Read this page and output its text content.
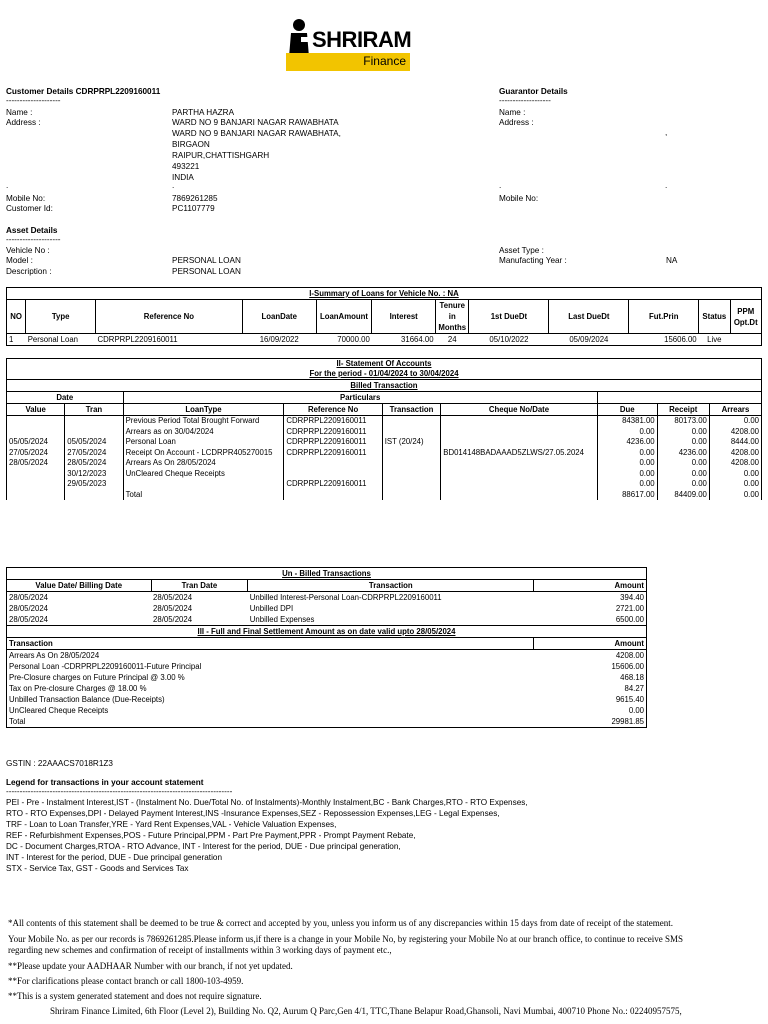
SHRIRAM
Finance
Customer Details CDRPRPL2209160011
--------------------
Name :
Address :
PARTHA HAZRA
WARD NO 9 BANJARI NAGAR RAWABHATA
WARD NO 9 BANJARI NAGAR RAWABHATA,
BIRGAON
RAIPUR,CHATTISHGARH
493221
INDIA
.	.
Mobile No:	7869261285
Customer Id:	PC1107779
Guarantor Details
-------------------
Name :
Address :
,
.	.
Mobile No:
Asset Details
--------------------
Vehicle No :
Model :	PERSONAL LOAN
Description :	PERSONAL LOAN
Asset Type :
Manufacting Year :	NA
I-Summary of Loans for Vehicle No. : NA											
NO	Type	Reference No	LoanDate	LoanAmount	Interest	Tenure in Months	1st DueDt	Last DueDt	Fut.Prin	Status	PPM Opt.Dt
1	Personal Loan	CDRPRPL2209160011	16/09/2022	70000.00	31664.00	24	05/10/2022	05/09/2024	15606.00	Live	
II- Statement Of Accounts								
For the period - 01/04/2024 to 30/04/2024								
Billed Transaction								
Date		Particulars						
Value	Tran	LoanType	Reference No	Transaction	Cheque No/Date	Due	Receipt	Arrears
		Previous Period Total Brought Forward	CDRPRPL2209160011			84381.00	80173.00	0.00
		Arrears as on 30/04/2024	CDRPRPL2209160011			0.00	0.00	4208.00
05/05/2024	05/05/2024	Personal Loan	CDRPRPL2209160011	IST (20/24)		4236.00	0.00	8444.00
27/05/2024	27/05/2024	Receipt On Account - LCDRPR405270015	CDRPRPL2209160011		BD014148BADAAAD5ZLWS/27.05.2024	0.00	4236.00	4208.00
28/05/2024	28/05/2024	Arrears As On 28/05/2024				0.00	0.00	4208.00
	30/12/2023	UnCleared Cheque Receipts				0.00	0.00	0.00
	29/05/2023		CDRPRPL2209160011			0.00	0.00	0.00
		Total				88617.00	84409.00	0.00
Un - Billed Transactions			
Value Date/ Billing Date	Tran Date	Transaction	Amount
28/05/2024	28/05/2024	Unbilled Interest-Personal Loan-CDRPRPL2209160011	394.40
28/05/2024	28/05/2024	Unbilled DPI	2721.00
28/05/2024	28/05/2024	Unbilled Expenses	6500.00
III - Full and Final Settlement Amount as on date valid upto 28/05/2024			
Transaction			Amount
Arrears As On 28/05/2024			4208.00
Personal Loan -CDRPRPL2209160011-Future Principal			15606.00
Pre-Closure charges on Future Principal @ 3.00 %			468.18
Tax on Pre-closure Charges @ 18.00 %			84.27
Unbilled Transaction Balance (Due-Receipts)			9615.40
UnCleared Cheque Receipts			0.00
Total			29981.85
GSTIN : 22AAACS7018R1Z3
Legend for transactions in your account statement
-----------------------------------------------------------------------------------
PEI - Pre - Instalment Interest,IST - (Instalment No. Due/Total No. of Instalments)-Monthly Instalment,BC - Bank Charges,RTO - RTO Expenses,
RTO - RTO Expenses,DPI - Delayed Payment Interest,INS -Insurance Expenses,SEZ - Repossession Expenses,LEG - Legal Expenses,
TRF - Loan to Loan Transfer,YRE - Yard Rent Expenses,VAL - Vehicle Valuation Expenses,
REF - Refurbishment Expenses,POS - Future Principal,PPM - Part Pre Payment,PPR - Prompt Payment Rebate,
DC - Document Charges,RTOA - RTO Advance, INT - Interest for the period, DUE - Due principal generation,
INT - Interest for the period, DUE - Due principal generation
STX - Service Tax, GST - Goods and Services Tax
*All contents of this statement shall be deemed to be true & correct and accepted by you, unless you inform us of any discrepancies within 15 days from date of receipt of the statement.
Your Mobile No. as per our records is 7869261285.Please inform us,if there is a change in your Mobile No, by registering your Mobile No at our branch office, to continue to receive SMS
regarding new schemes and confirmation of receipt of installments within 3 working days of payment etc.,
**Please update your AADHAAR Number with our branch, if not yet updated.
**For clarifications please contact branch or call 1800-103-4959.
**This is a system generated statement and does not require signature.
Shriram Finance Limited, 6th Floor (Level 2), Building No. Q2, Aurum Q Parc,Gen 4/1, TTC,Thane Belapur Road,Ghansoli, Navi Mumbai, 400710 Phone No.: 02240957575,
